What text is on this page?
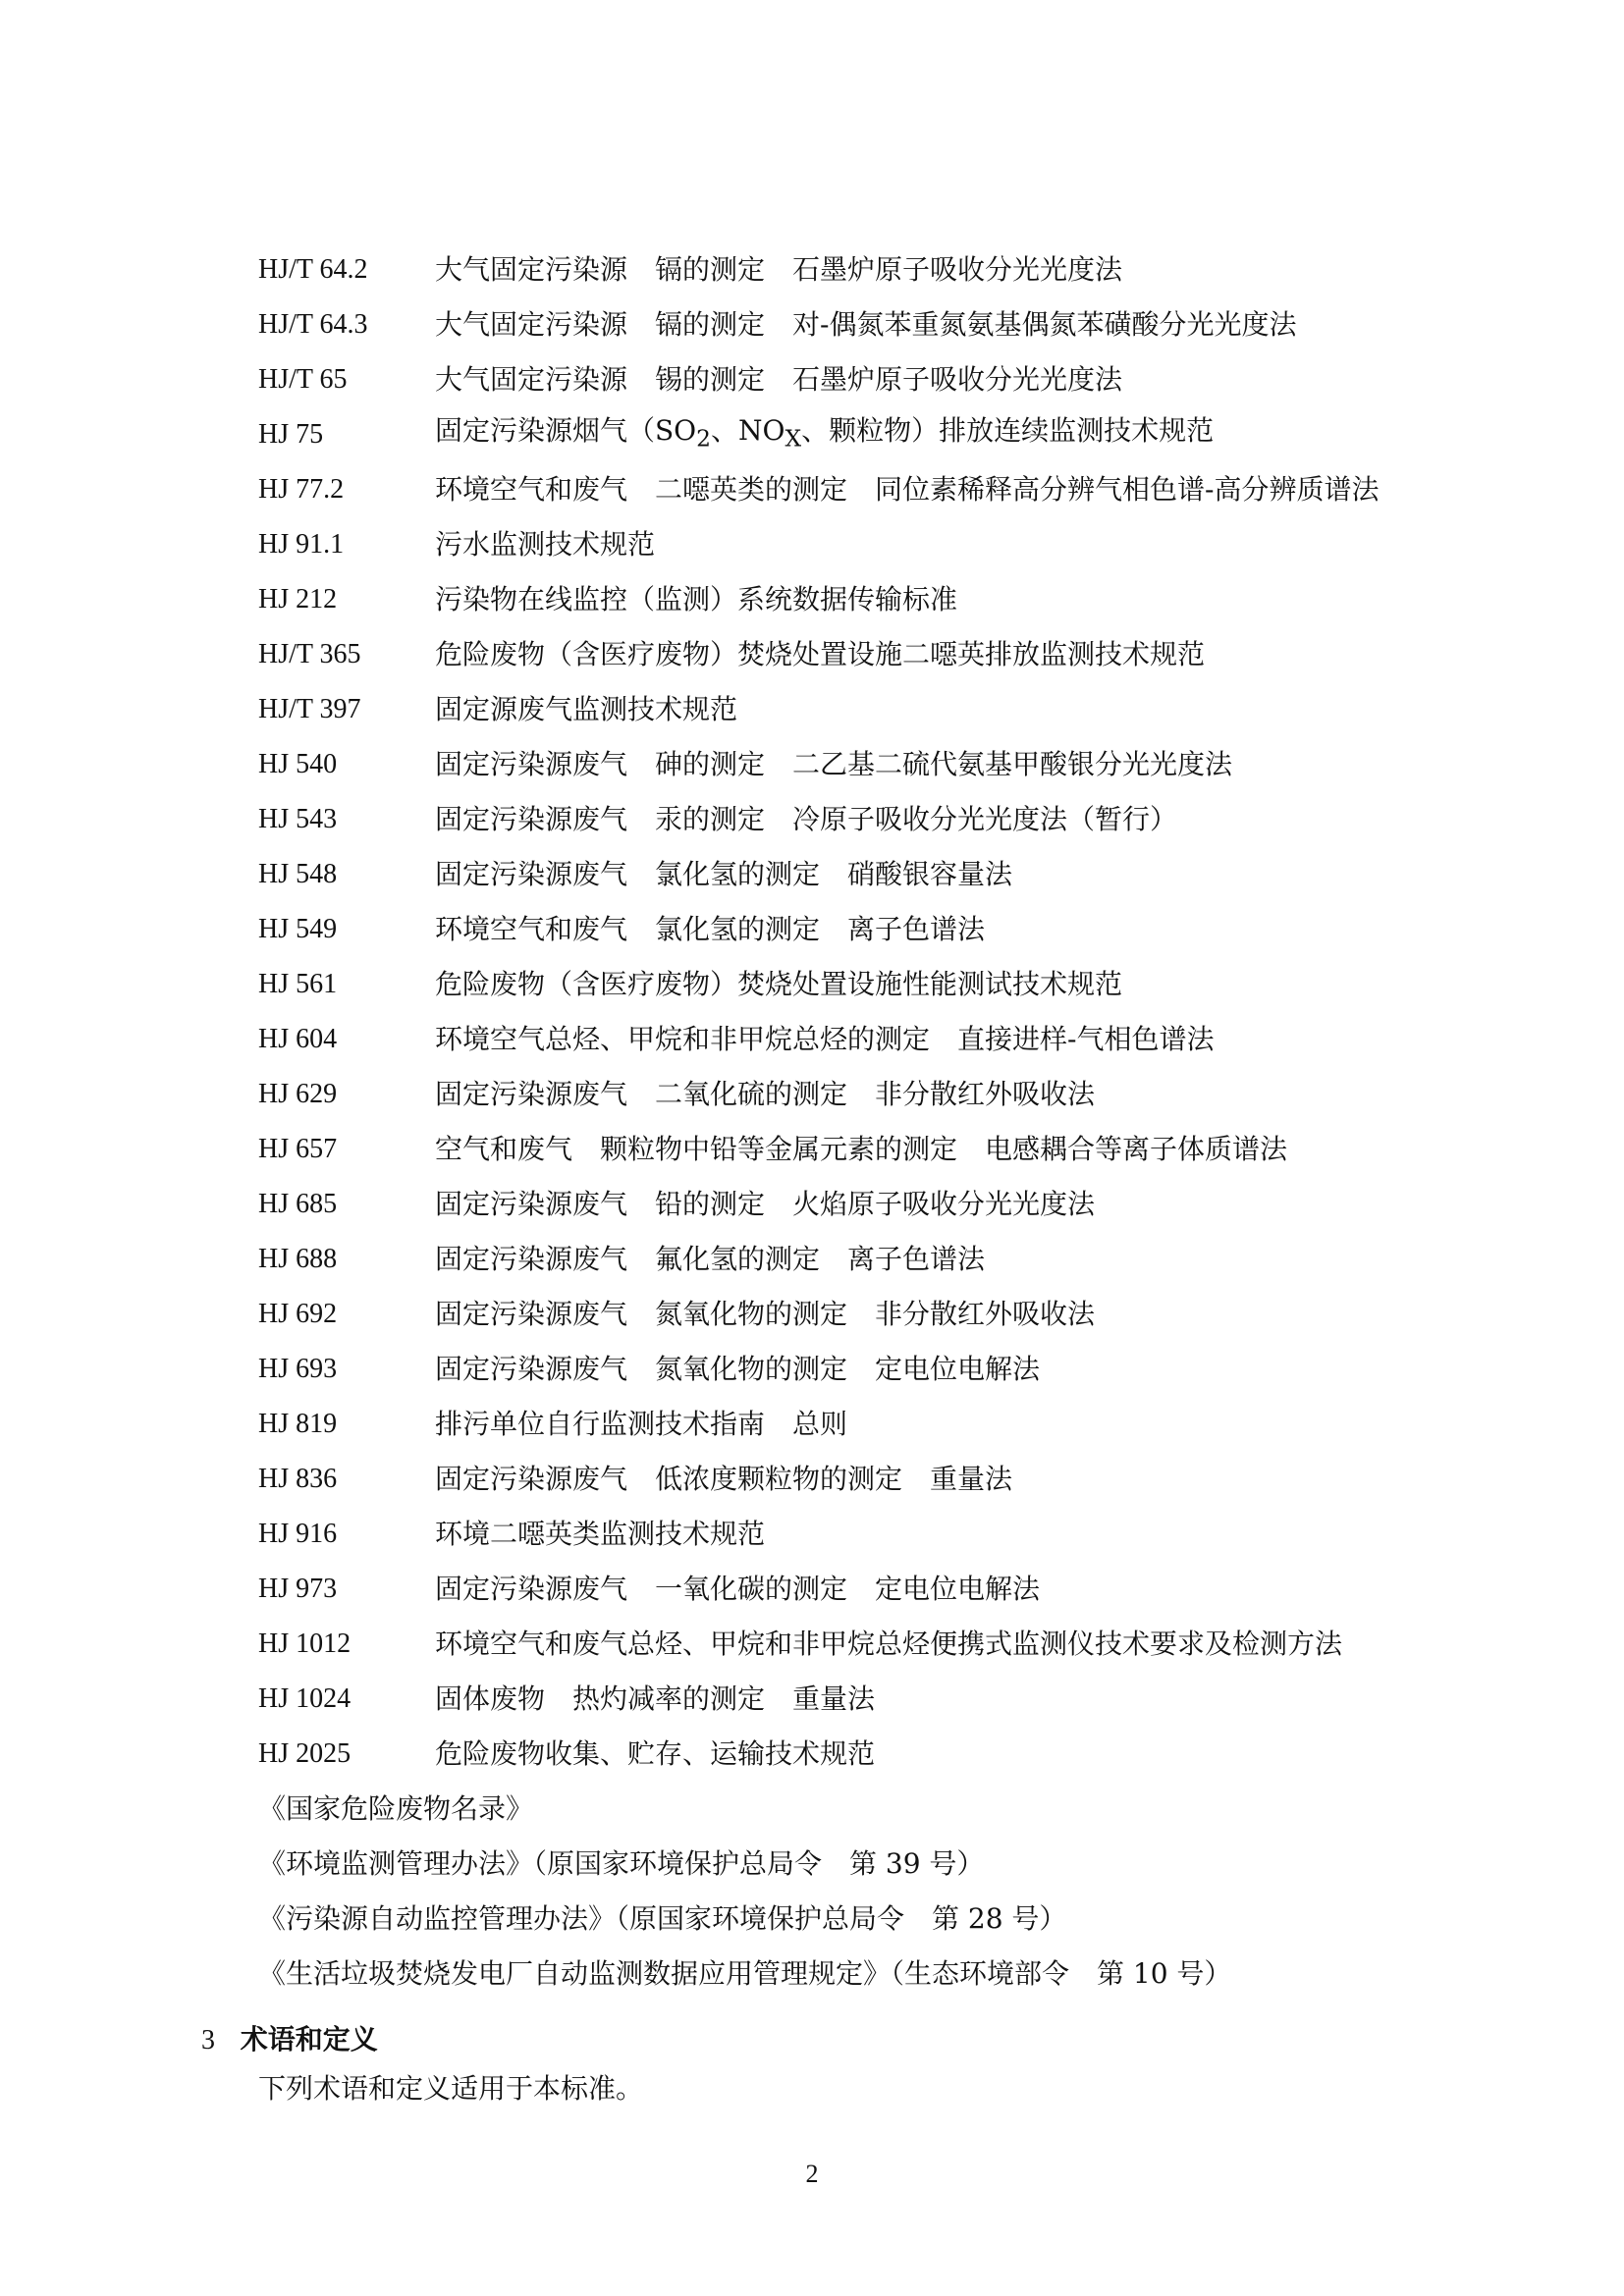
HJ/T 64.2	大气固定污染源　镉的测定　石墨炉原子吸收分光光度法
HJ/T 64.3	大气固定污染源　镉的测定　对-偶氮苯重氮氨基偶氮苯磺酸分光光度法
HJ/T 65	大气固定污染源　锡的测定　石墨炉原子吸收分光光度法
HJ 75	固定污染源烟气（$SO_2$、$NO_X$、颗粒物）排放连续监测技术规范
HJ 77.2	环境空气和废气　二噁英类的测定　同位素稀释高分辨气相色谱-高分辨质谱法
HJ 91.1	污水监测技术规范
HJ 212	污染物在线监控（监测）系统数据传输标准
HJ/T 365	危险废物（含医疗废物）焚烧处置设施二噁英排放监测技术规范
HJ/T 397	固定源废气监测技术规范
HJ 540	固定污染源废气　砷的测定　二乙基二硫代氨基甲酸银分光光度法
HJ 543	固定污染源废气　汞的测定　冷原子吸收分光光度法（暂行）
HJ 548	固定污染源废气　氯化氢的测定　硝酸银容量法
HJ 549	环境空气和废气　氯化氢的测定　离子色谱法
HJ 561	危险废物（含医疗废物）焚烧处置设施性能测试技术规范
HJ 604	环境空气总烃、甲烷和非甲烷总烃的测定　直接进样-气相色谱法
HJ 629	固定污染源废气　二氧化硫的测定　非分散红外吸收法
HJ 657	空气和废气　颗粒物中铅等金属元素的测定　电感耦合等离子体质谱法
HJ 685	固定污染源废气　铅的测定　火焰原子吸收分光光度法
HJ 688	固定污染源废气　氟化氢的测定　离子色谱法
HJ 692	固定污染源废气　氮氧化物的测定　非分散红外吸收法
HJ 693	固定污染源废气　氮氧化物的测定　定电位电解法
HJ 819	排污单位自行监测技术指南　总则
HJ 836	固定污染源废气　低浓度颗粒物的测定　重量法
HJ 916	环境二噁英类监测技术规范
HJ 973	固定污染源废气　一氧化碳的测定　定电位电解法
HJ 1012	环境空气和废气总烃、甲烷和非甲烷总烃便携式监测仪技术要求及检测方法
HJ 1024	固体废物　热灼减率的测定　重量法
HJ 2025	危险废物收集、贮存、运输技术规范
《国家危险废物名录》
《环境监测管理办法》（原国家环境保护总局令　第 39 号）
《污染源自动监控管理办法》（原国家环境保护总局令　第 28 号）
《生活垃圾焚烧发电厂自动监测数据应用管理规定》（生态环境部令　第 10 号）
3 术语和定义
下列术语和定义适用于本标准。
2
